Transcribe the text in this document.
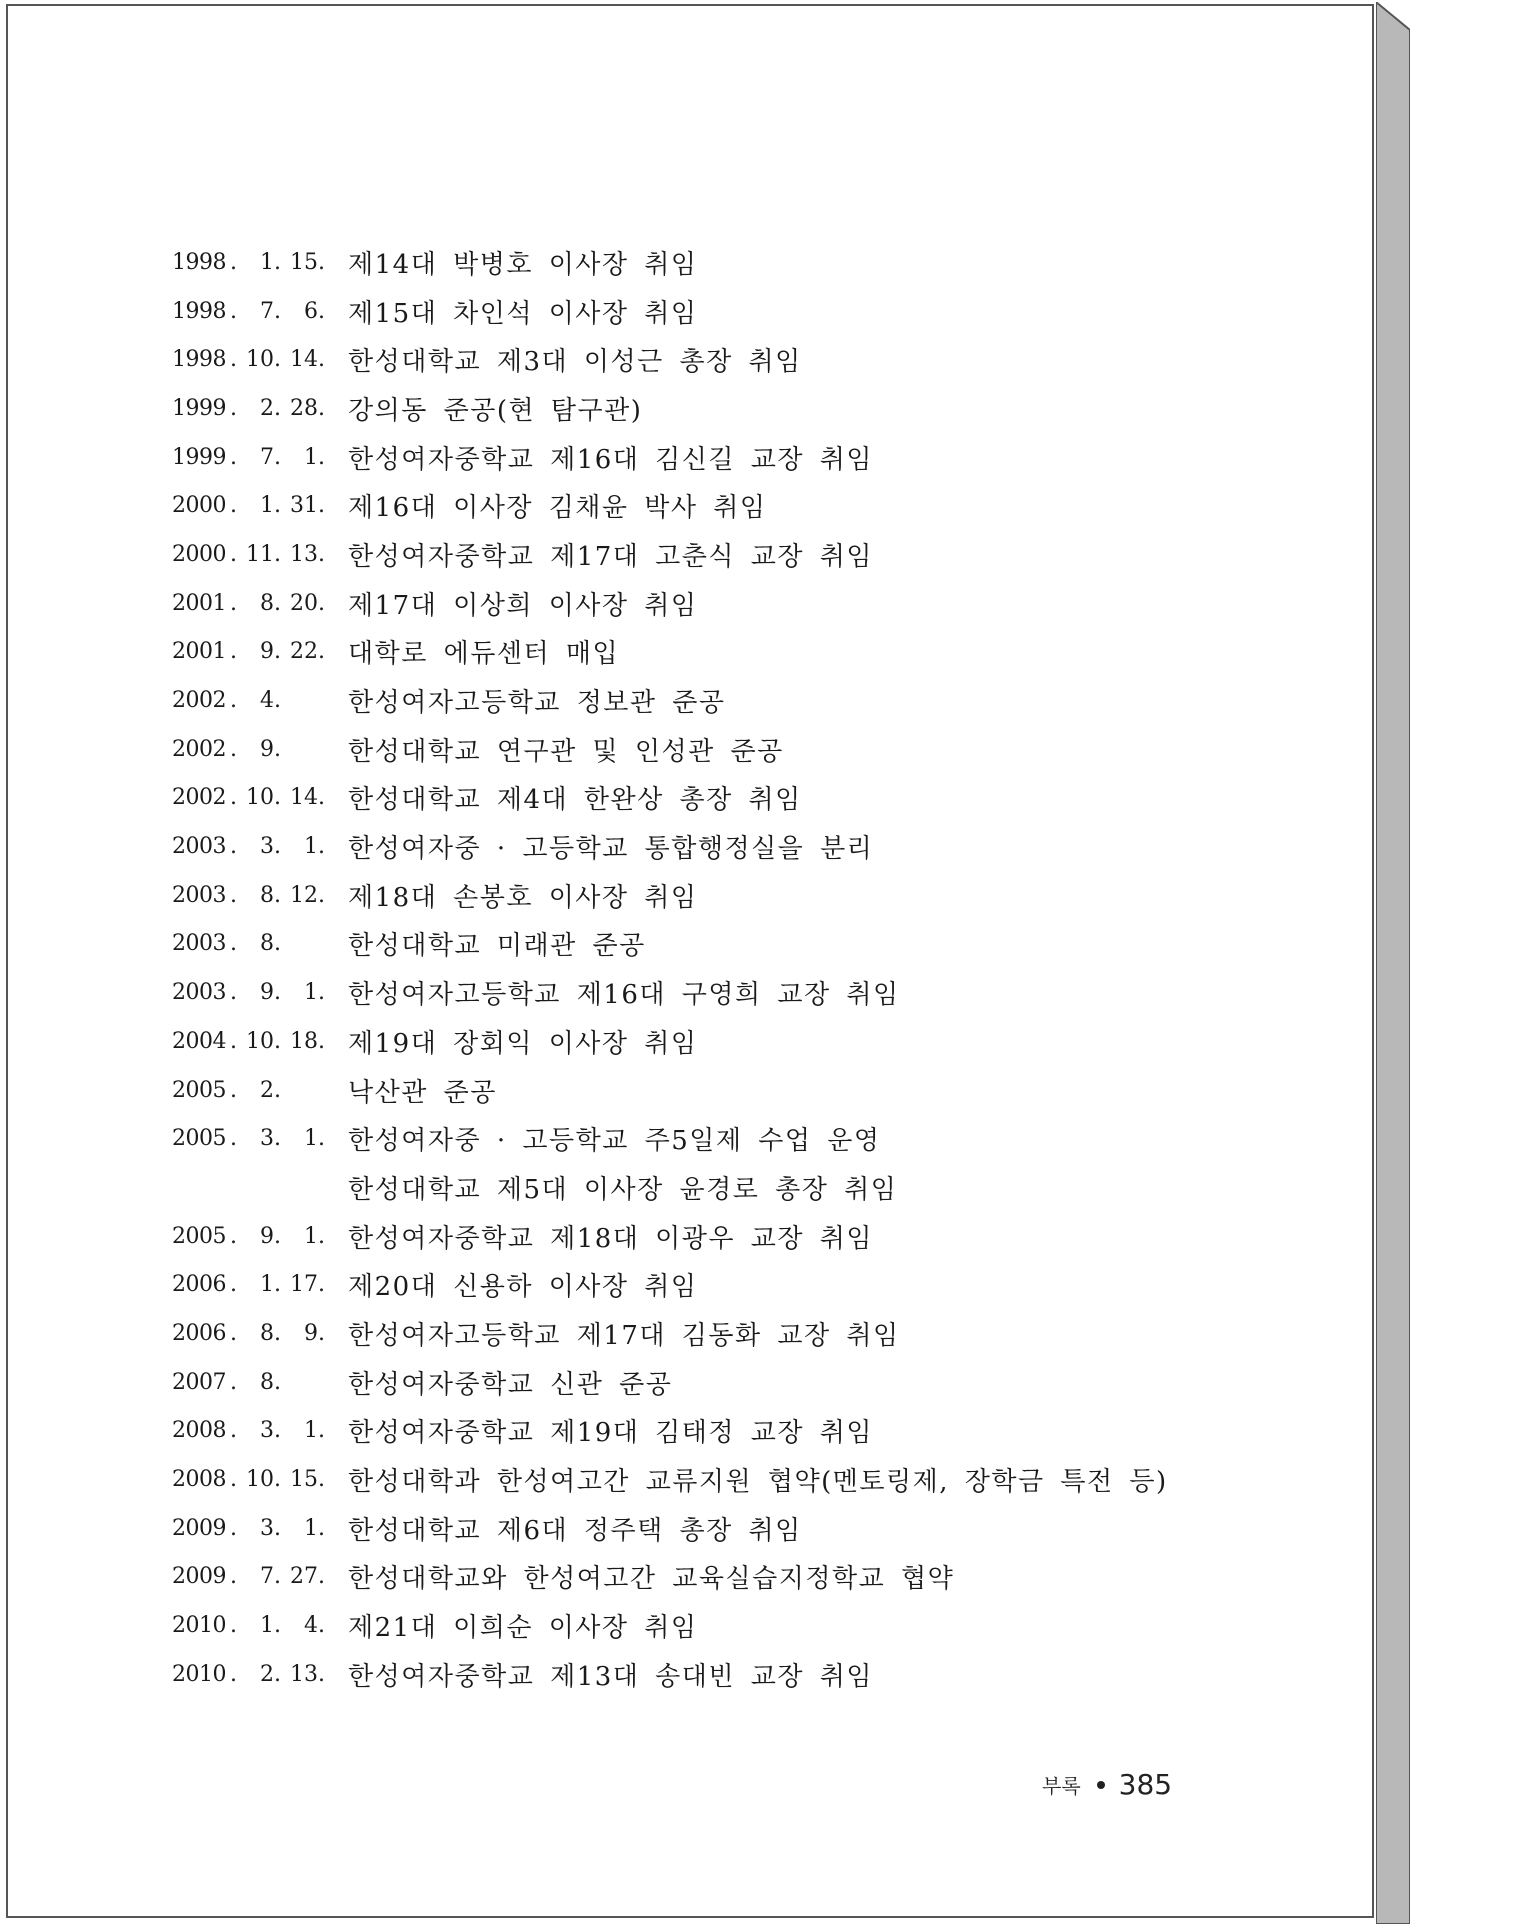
1998 .	1 . 15 . 제14대 박병호 이사장 취임
1998 .	7 .	6 . 제15대 차인석 이사장 취임
1998 . 10 . 14 . 한성대학교 제3대 이성근 총장 취임
1999 .	2 . 28 . 강의동 준공(현 탐구관)
1999 .	7 .	1 . 한성여자중학교 제16대 김신길 교장 취임
2000 .	1 . 31 . 제16대 이사장 김채윤 박사 취임
2000 . 11 . 13 . 한성여자중학교 제17대 고춘식 교장 취임
2001 .	8 . 20 . 제17대 이상희 이사장 취임
2001 .	9 . 22 . 대학로 에듀센터 매입
2002 .	4 .	한성여자고등학교 정보관 준공
2002 .	9 .	한성대학교 연구관 및 인성관 준공
2002 . 10 . 14 . 한성대학교 제4대 한완상 총장 취임
2003 .	3 .	1 . 한성여자중 · 고등학교 통합행정실을 분리
2003 .	8 . 12 . 제18대 손봉호 이사장 취임
2003 .	8 .	한성대학교 미래관 준공
2003 .	9 .	1 . 한성여자고등학교 제16대 구영희 교장 취임
2004 . 10 . 18 . 제19대 장회익 이사장 취임
2005 .	2 .	낙산관 준공
2005 .	3 .	1 . 한성여자중 · 고등학교 주5일제 수업 운영
한성대학교 제5대 이사장 윤경로 총장 취임
2005 .	9 .	1 . 한성여자중학교 제18대 이광우 교장 취임
2006 .	1 . 17 . 제20대 신용하 이사장 취임
2006 .	8 .	9 . 한성여자고등학교 제17대 김동화 교장 취임
2007 .	8 .	한성여자중학교 신관 준공
2008 .	3 .	1 . 한성여자중학교 제19대 김태정 교장 취임
2008 . 10 . 15 . 한성대학과 한성여고간 교류지원 협약(멘토링제, 장학금 특전 등)
2009 .	3 .	1 . 한성대학교 제6대 정주택 총장 취임
2009 .	7 . 27 . 한성대학교와 한성여고간 교육실습지정학교 협약
2010 .	1 .	4 . 제21대 이희순 이사장 취임
2010 .	2 . 13 . 한성여자중학교 제13대 송대빈 교장 취임
부록 385
